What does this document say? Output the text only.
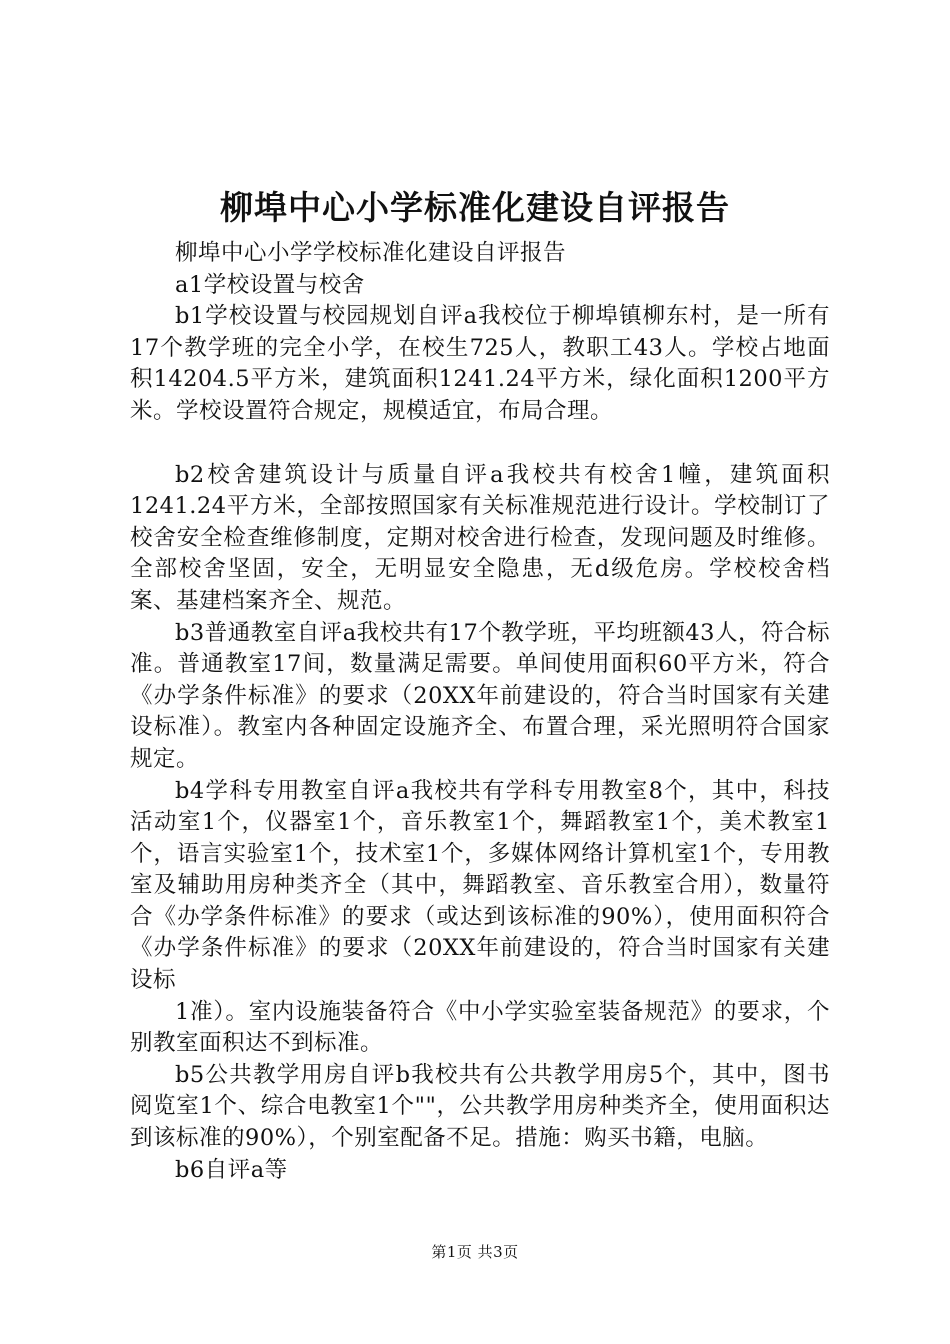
柳埠中心小学标准化建设自评报告

柳埠中心小学学校标准化建设自评报告

a1学校设置与校舍

b1学校设置与校园规划自评a我校位于柳埠镇柳东村，是一所有17个教学班的完全小学，在校生725人，教职工43人。学校占地面积14204.5平方米，建筑面积1241.24平方米，绿化面积1200平方米。学校设置符合规定，规模适宜，布局合理。

b2校舍建筑设计与质量自评a我校共有校舍1幢，建筑面积1241.24平方米，全部按照国家有关标准规范进行设计。学校制订了校舍安全检查维修制度，定期对校舍进行检查，发现问题及时维修。全部校舍坚固，安全，无明显安全隐患，无d级危房。学校校舍档案、基建档案齐全、规范。

b3普通教室自评a我校共有17个教学班，平均班额43人，符合标准。普通教室17间，数量满足需要。单间使用面积60平方米，符合《办学条件标准》的要求（20XX年前建设的，符合当时国家有关建设标准）。教室内各种固定设施齐全、布置合理，采光照明符合国家规定。

b4学科专用教室自评a我校共有学科专用教室8个，其中，科技活动室1个，仪器室1个，音乐教室1个，舞蹈教室1个，美术教室1个，语言实验室1个，技术室1个，多媒体网络计算机室1个，专用教室及辅助用房种类齐全（其中，舞蹈教室、音乐教室合用），数量符合《办学条件标准》的要求（或达到该标准的90%），使用面积符合《办学条件标准》的要求（20XX年前建设的，符合当时国家有关建设标

1准）。室内设施装备符合《中小学实验室装备规范》的要求，个别教室面积达不到标准。

b5公共教学用房自评b我校共有公共教学用房5个，其中，图书阅览室1个、综合电教室1个""，公共教学用房种类齐全，使用面积达到该标准的90%），个别室配备不足。措施：购买书籍，电脑。

b6自评a等

第1页 共3页
